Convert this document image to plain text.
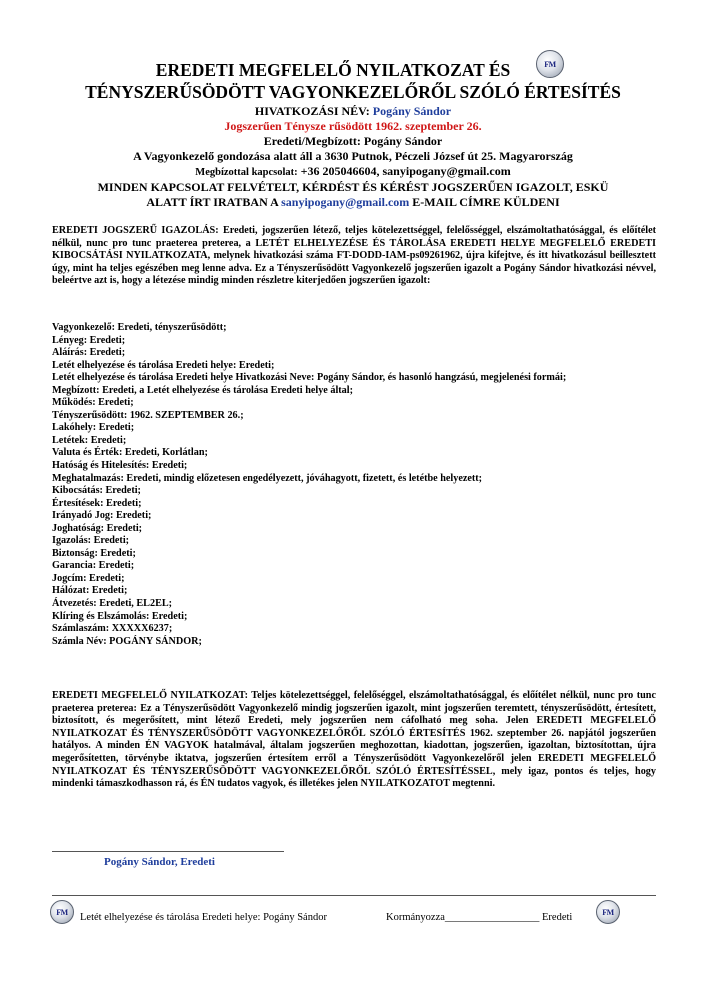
FM
EREDETI MEGFELELŐ NYILATKOZAT ÉS
TÉNYSZERŰSÖDÖTT VAGYONKEZELŐRŐL SZÓLÓ ÉRTESÍTÉS
HIVATKOZÁSI NÉV: Pogány Sándor
Jogszerűen Ténysze rűsödött 1962. szeptember 26.
Eredeti/Megbízott: Pogány Sándor
A Vagyonkezelő gondozása alatt áll a 3630 Putnok, Péczeli József út 25. Magyarország
Megbízottal kapcsolat: +36 205046604, sanyipogany@gmail.com
MINDEN KAPCSOLAT FELVÉTELT, KÉRDÉST ÉS KÉRÉST JOGSZERŰEN IGAZOLT, ESKÜ
ALATT ÍRT IRATBAN A sanyipogany@gmail.com E-MAIL CÍMRE KÜLDENI
EREDETI JOGSZERŰ IGAZOLÁS: Eredeti, jogszerűen létező, teljes kötelezettséggel, felelősséggel, elszámoltathatósággal, és előítélet nélkül, nunc pro tunc praeterea preterea, a LETÉT ELHELYEZÉSE ÉS TÁROLÁSA EREDETI HELYE MEGFELELŐ EREDETI KIBOCSÁTÁSI NYILATKOZATA, melynek hivatkozási száma FT-DODD-IAM-ps09261962, újra kifejtve, és itt hivatkozásul beillesztett úgy, mint ha teljes egészében meg lenne adva. Ez a Tényszerűsödött Vagyonkezelő jogszerűen igazolt a Pogány Sándor hivatkozási névvel, beleértve azt is, hogy a létezése mindig minden részletre kiterjedően jogszerűen igazolt:
Vagyonkezelő: Eredeti, tényszerűsödött;
Lényeg: Eredeti;
Aláírás: Eredeti;
Letét elhelyezése és tárolása Eredeti helye: Eredeti;
Letét elhelyezése és tárolása Eredeti helye Hivatkozási Neve: Pogány Sándor, és hasonló hangzású, megjelenési formái;
Megbízott: Eredeti, a Letét elhelyezése és tárolása Eredeti helye által;
Működés: Eredeti;
Tényszerűsödött: 1962. SZEPTEMBER 26.;
Lakóhely: Eredeti;
Letétek: Eredeti;
Valuta és Érték: Eredeti, Korlátlan;
Hatóság és Hitelesítés: Eredeti;
Meghatalmazás: Eredeti, mindig előzetesen engedélyezett, jóváhagyott, fizetett, és letétbe helyezett;
Kibocsátás: Eredeti;
Értesítések: Eredeti;
Irányadó Jog: Eredeti;
Joghatóság: Eredeti;
Igazolás: Eredeti;
Biztonság: Eredeti;
Garancia: Eredeti;
Jogcím: Eredeti;
Hálózat: Eredeti;
Átvezetés: Eredeti, EL2EL;
Klíring és Elszámolás: Eredeti;
Számlaszám: XXXXX6237;
Számla Név: POGÁNY SÁNDOR;
EREDETI MEGFELELŐ NYILATKOZAT: Teljes kötelezettséggel, felelőséggel, elszámoltathatósággal, és előítélet nélkül, nunc pro tunc praeterea preterea: Ez a Tényszerűsödött Vagyonkezelő mindig jogszerűen igazolt, mint jogszerűen teremtett, tényszerűsödött, értesített, biztosított, és megerősített, mint létező Eredeti, mely jogszerűen nem cáfolható meg soha. Jelen EREDETI MEGFELELŐ NYILATKOZAT ÉS TÉNYSZERŰSÖDÖTT VAGYONKEZELŐRŐL SZÓLÓ ÉRTESÍTÉS 1962. szeptember 26. napjától jogszerűen hatályos. A minden ÉN VAGYOK hatalmával, általam jogszerűen meghozottan, kiadottan, jogszerűen, igazoltan, biztosítottan, újra megerősítetten, törvénybe iktatva, jogszerűen értesítem erről a Tényszerűsödött Vagyonkezelőről jelen EREDETI MEGFELELŐ NYILATKOZAT ÉS TÉNYSZERŰSÖDÖTT VAGYONKEZELŐRŐL SZÓLÓ ÉRTESÍTÉSSEL, mely igaz, pontos és teljes, hogy mindenki támaszkodhasson rá, és ÉN tudatos vagyok, és illetékes jelen NYILATKOZATOT megtenni.
Pogány Sándor, Eredeti
FM Letét elhelyezése és tárolása Eredeti helye: Pogány Sándor	Kormányozza__________________ Eredeti	FM
